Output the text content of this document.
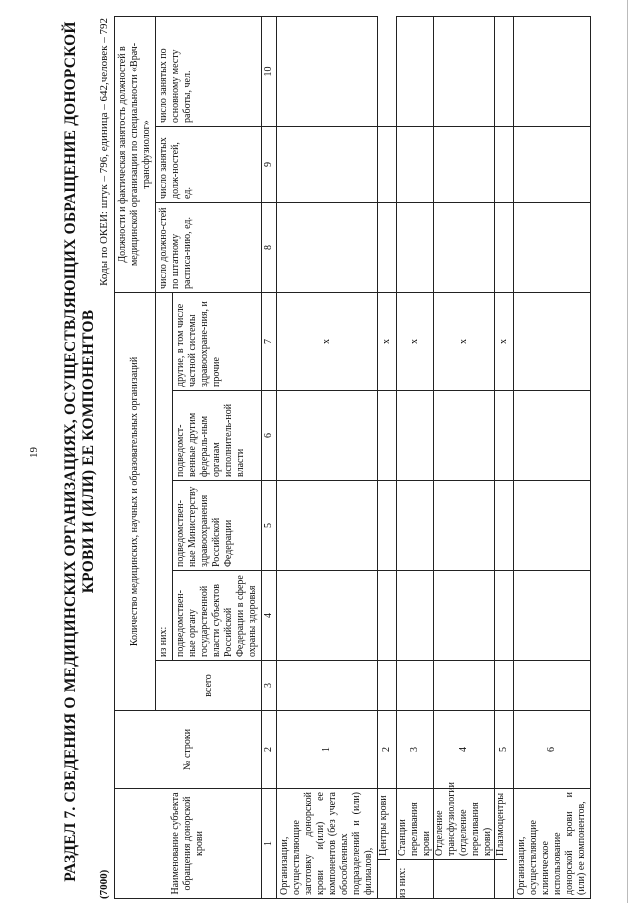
19 РАЗДЕЛ 7. СВЕДЕНИЯ О МЕДИЦИНСКИХ ОРГАНИЗАЦИЯХ, ОСУЩЕСТВЛЯЮЩИХ ОБРАЩЕНИЕ ДОНОРСКОЙ КРОВИ И (ИЛИ) ЕЕ КОМПОНЕНТОВ
(7000)
Коды по ОКЕИ: штук – 796, единица – 642,человек – 792
Наименование субъекта обращения донорской крови	№ строки	Количество медицинских, научных и образовательных организаций					Должности и фактическая занятость должностей в медицинской организации по специальности «Врач-трансфузиолог»		
		всего	из них:				число должно-стей по штатному расписа-нию, ед.	число занятых долж-ностей, ед.	число занятых по основному месту работы, чел.
			подведомствен-ные органу государственной власти субъектов Российской Федерации в сфере охраны здоровья	подведомствен-ные Министерству здравоохранения Российской Федерации	подведомст-венные другим федераль-ным органам исполнитель-ной власти	другие, в том числе частной системы здравоохране-ния, и прочие			
1	2	3	4	5	6	7	8	9	10
Организации, осуществляющие заготовку донорской крови и(или) ее компонентов (без учета обособленных подразделений и (или) филиалов),	1					х			

Центры крови	2					х			

из них:
Станции переливания крови	3					х			

Отделение трансфузиологии (отделение переливания крови)	4					х			

Плазмоцентры	5					х			
Организации, осуществляющие клиническое использование донорской крови и (или) ее компонентов,	6								
